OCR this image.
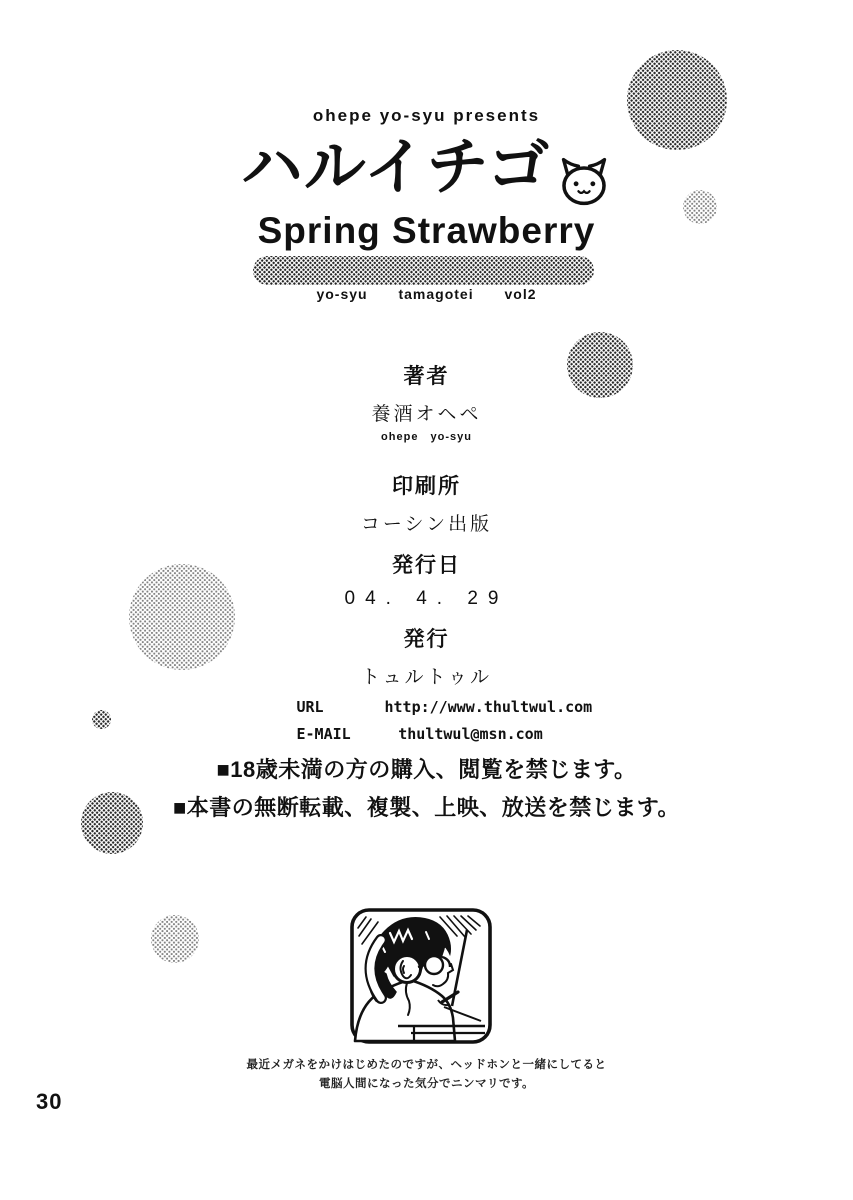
ohepe yo-syu presents
ハルイチゴ
Spring Strawberry
yo-syu tamagotei vol2
著者
養酒オヘペ
ohepe yo-syu
印刷所
コーシン出版
発行日
04. 4. 29
発行
トュルトゥル
URL	http://www.thultwul.com
E-MAIL	thultwul@msn.com
■18歳未満の方の購入、閲覧を禁じます。
■本書の無断転載、複製、上映、放送を禁じます。
最近メガネをかけはじめたのですが、ヘッドホンと一緒にしてると
電脳人間になった気分でニンマリです。
30
